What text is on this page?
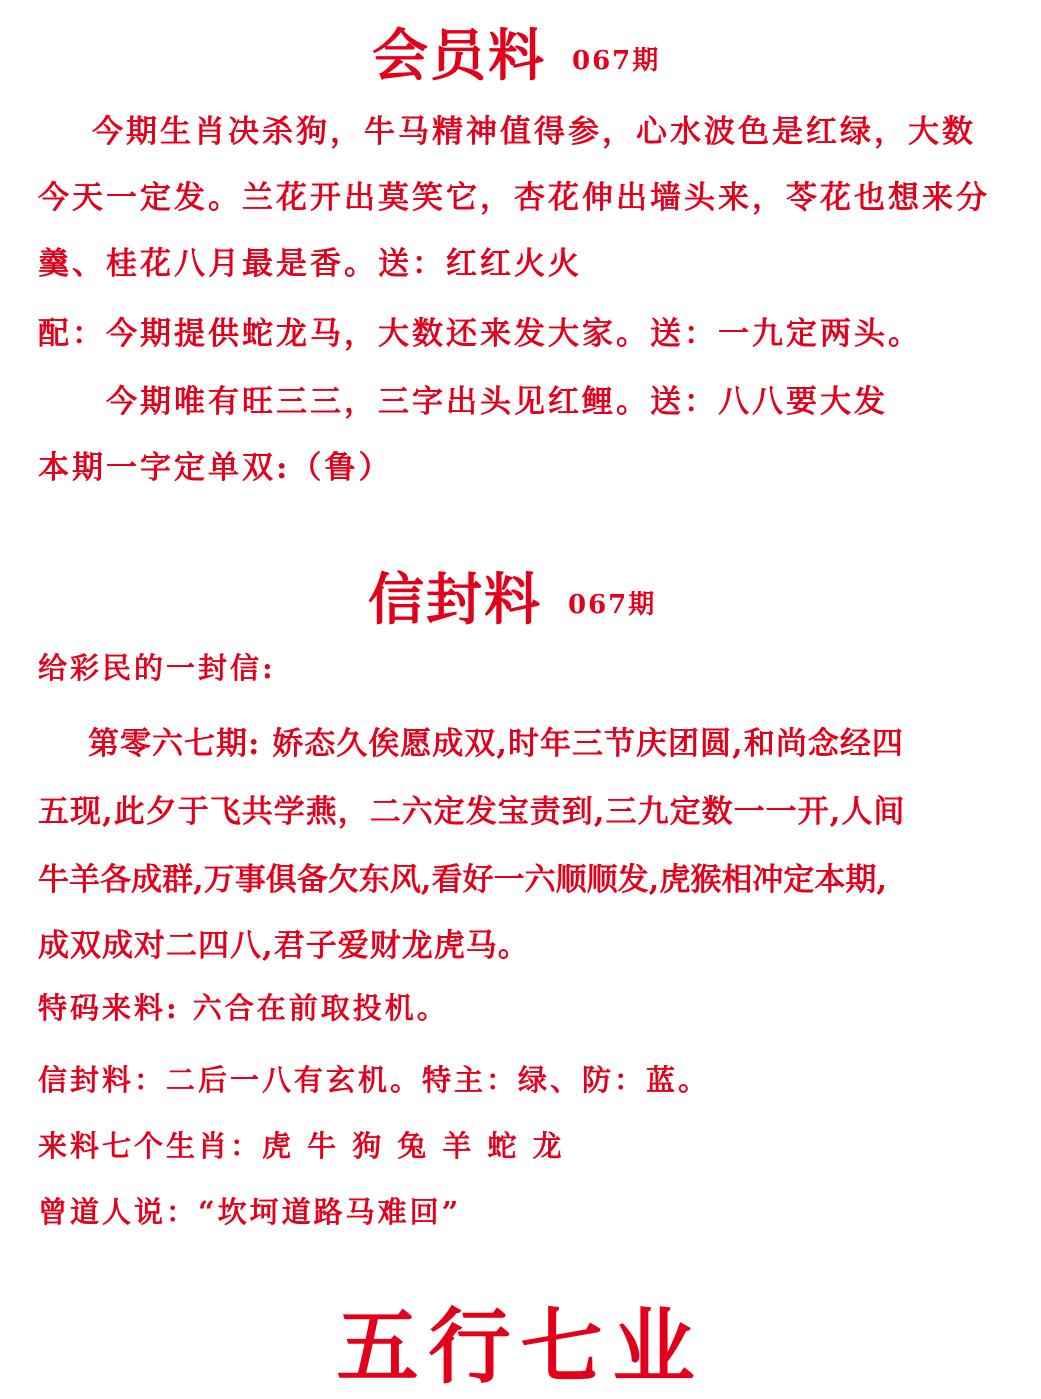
会员料 067期
今期生肖决杀狗，牛马精神值得参，心水波色是红绿，大数
今天一定发。兰花开出莫笑它，杏花伸出墙头来，苓花也想来分
羹、桂花八月最是香。送：红红火火
配：今期提供蛇龙马，大数还来发大家。送：一九定两头。
今期唯有旺三三，三字出头见红鲤。送：八八要大发
本期一字定单双:（鲁）
信封料 067期
给彩民的一封信:
第零六七期: 娇态久俟愿成双,时年三节庆团圆,和尚念经四
五现,此夕于飞共学燕，二六定发宝责到,三九定数一一开,人间
牛羊各成群,万事俱备欠东风,看好一六顺顺发,虎猴相冲定本期,
成双成对二四八,君子爱财龙虎马。
特码来料: 六合在前取投机。
信封料：二后一八有玄机。特主：绿、防：蓝。
来料七个生肖：虎 牛 狗 兔 羊 蛇 龙
曾道人说：“坎坷道路马难回”
五行七业
